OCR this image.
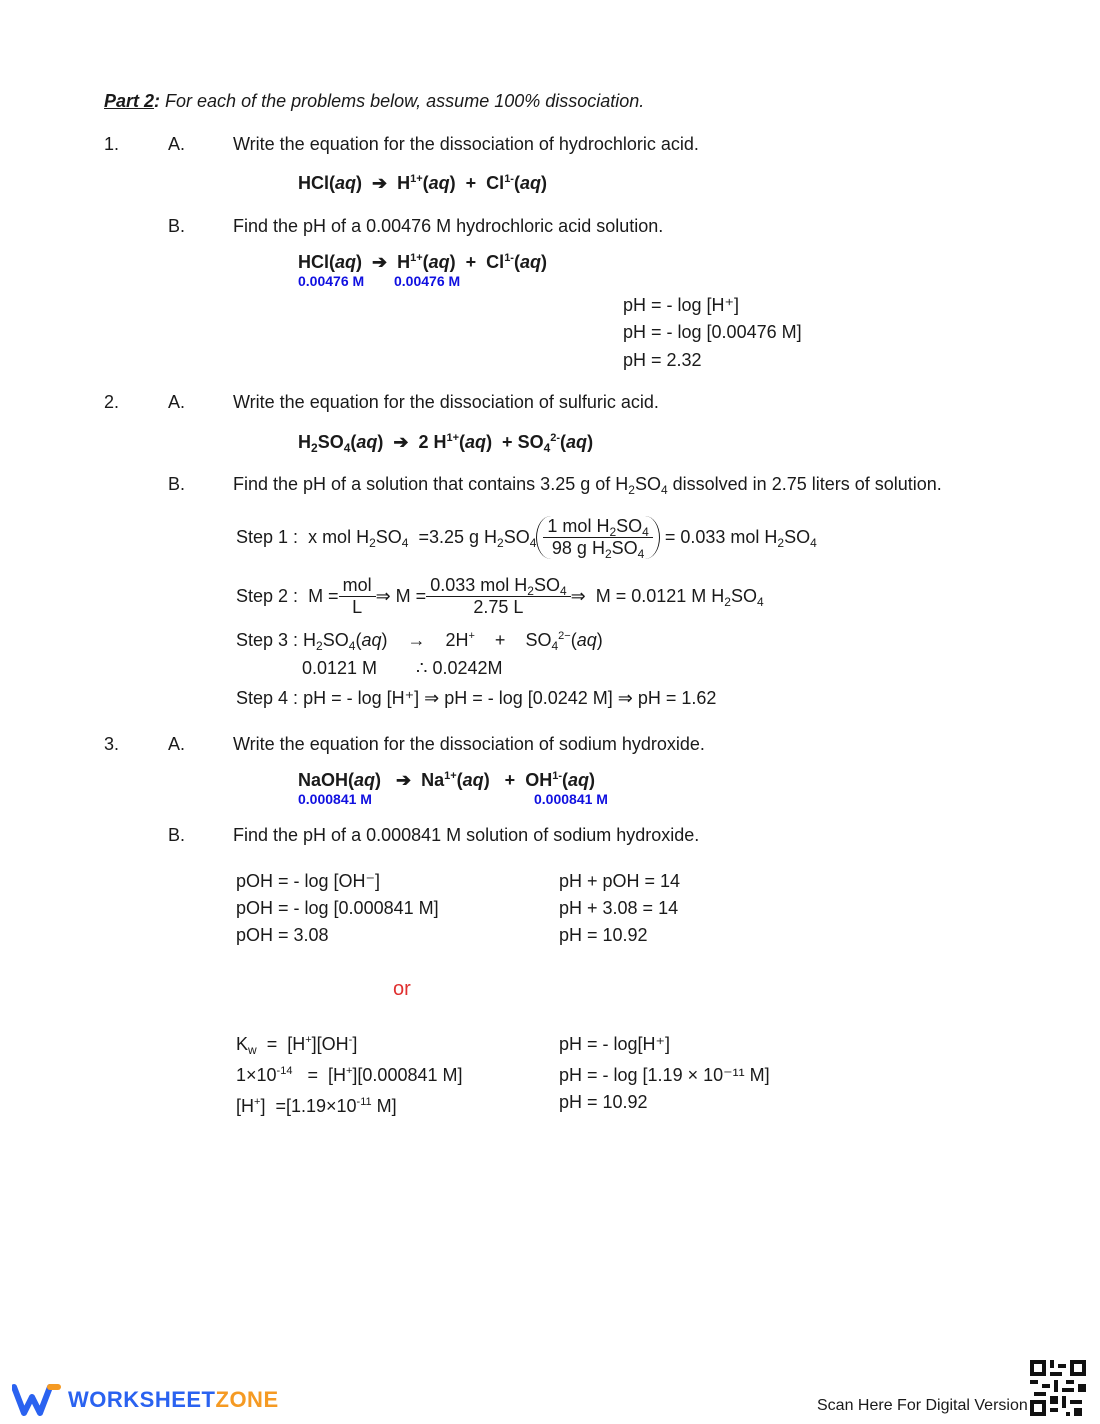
Part 2: For each of the problems below, assume 100% dissociation.
1.	A.	Write the equation for the dissociation of hydrochloric acid.
HCl(aq)  ➔  $H^{1+}(aq) + Cl^{1-}(aq)$
B.	Find the pH of a 0.00476 M hydrochloric acid solution.
HCl(aq)  ➔  $H^{1+}(aq) + Cl^{1-}(aq)$
0.00476 M 0.00476 M
pH = - log [H⁺]
pH = - log [0.00476 M]
pH = 2.32
2.	A.	Write the equation for the dissociation of sulfuric acid.
$H_2SO_4(aq)$  ➔  2 $H^{1+}(aq) + SO_4^{2-}(aq)$
B.	Find the pH of a solution that contains 3.25 g of $H_2SO_4$ dissolved in 2.75 liters of solution.
Step 1 :  x mol $H_2SO_4 =3.25$ g $H_2SO_4 \frac{1 mol H_2SO_4}{98 g H_2SO_4} = 0.033$ mol $H_2SO_4$
Step 2 :  $M = \frac{\text{mol}}{L}$ ⇒ $M = \frac{0.033 mol H_2SO_4}{2.75 L}$ ⇒  M = 0.0121 M $H_2SO_4$
Step 3 : $H_2SO_4(aq)$    →    2H+    +    $SO_4^{2-}(aq)$
0.0121 M ∴ 0.0242M
Step 4 : pH = - log [H⁺] ⇒ pH = - log [0.0242 M] ⇒ pH = 1.62
3.	A.	Write the equation for the dissociation of sodium hydroxide.
NaOH(aq)   ➔  $Na^{1+}(aq) + OH^{1-}(aq)$
0.000841 M	0.000841 M
B.	Find the pH of a 0.000841 M solution of sodium hydroxide.
pOH = - log [OH⁻]
pOH = - log [0.000841 M]
pOH = 3.08
pH + pOH = 14
pH + 3.08 = 14
pH = 10.92
or
$K_w = [H^+][OH^-]$
$1\times 10^{-14} = [H^+][0.000841$ M]
$[H^+] =[1.19\times 10^{-11}$ M]
pH = - log[H⁺]
pH = - log [1.19 × 10⁻¹¹ M]
pH = 10.92
WORKSHEETZONE	Scan Here For Digital Version
